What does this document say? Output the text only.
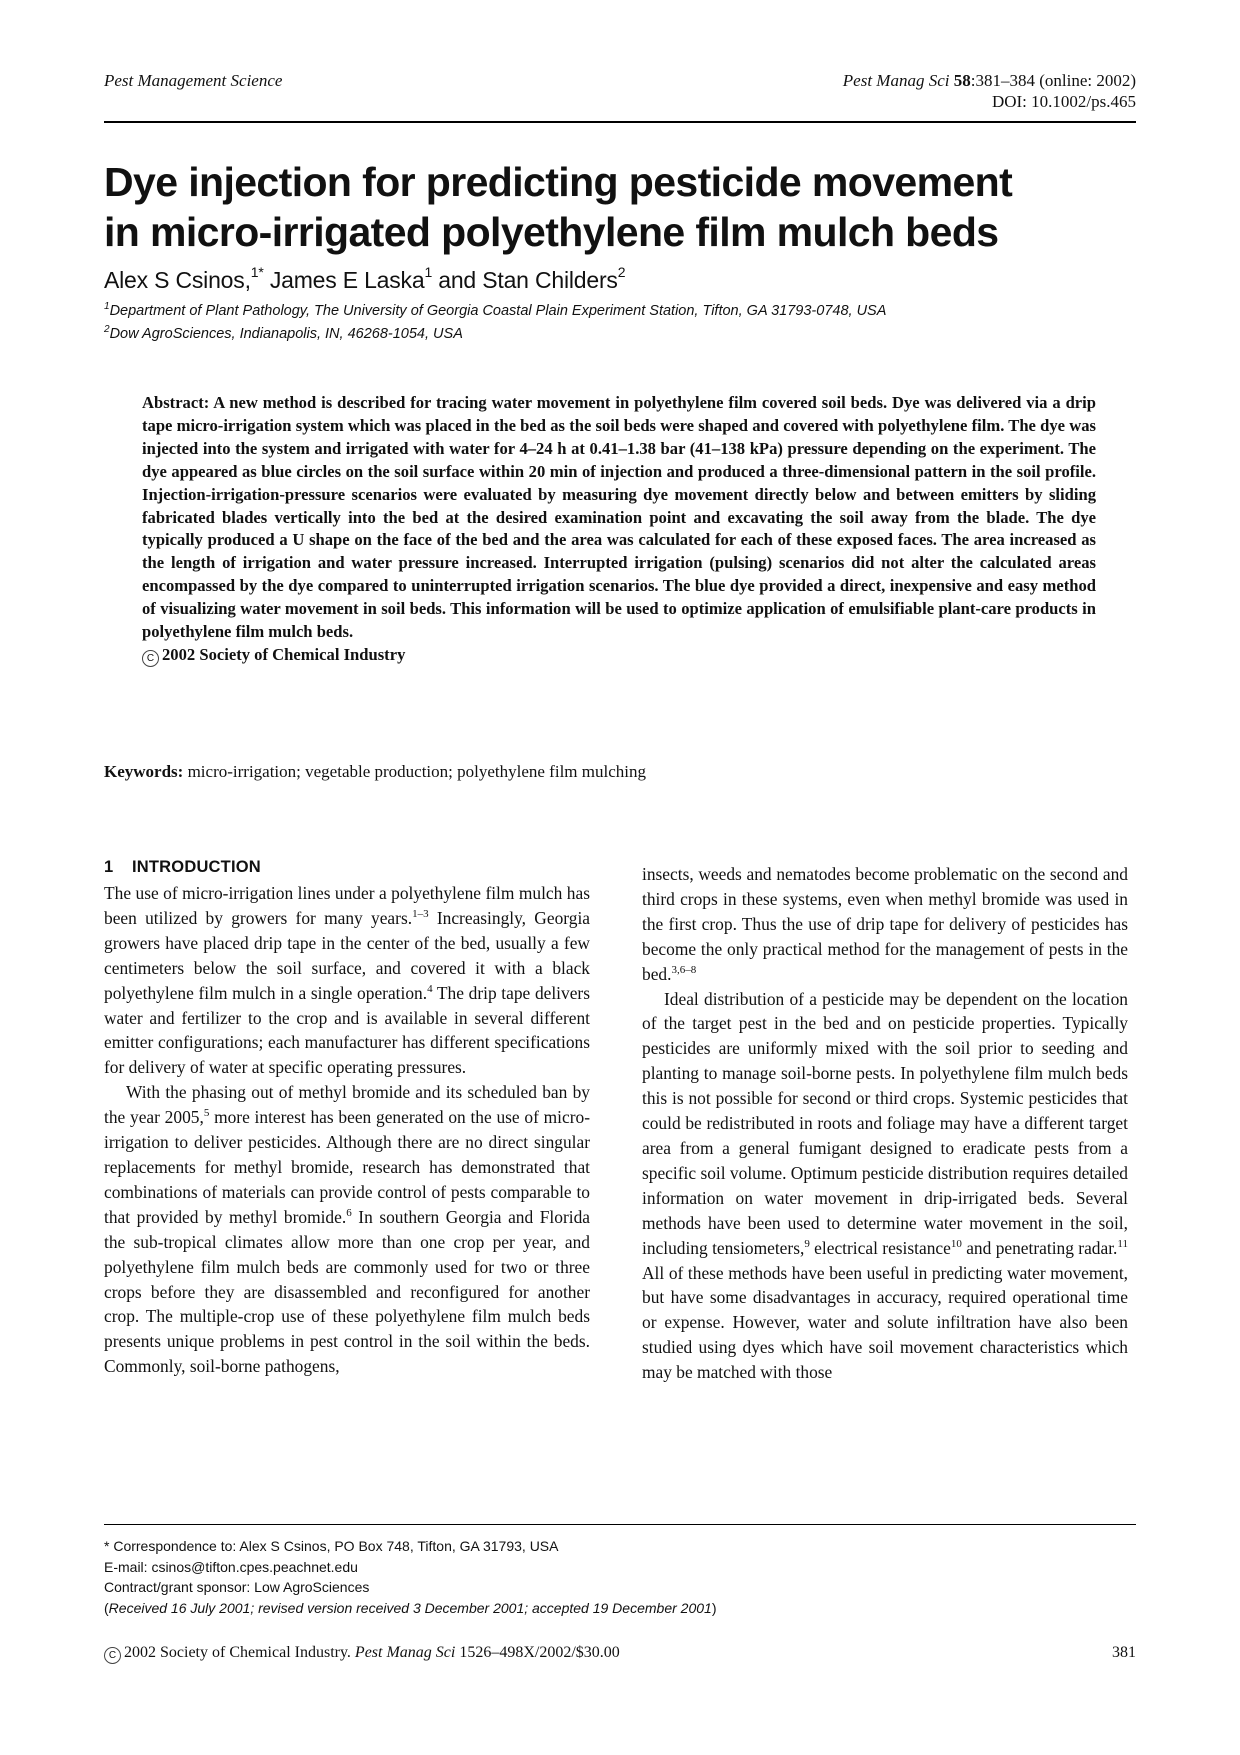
Pest Management Science	Pest Manag Sci 58:381–384 (online: 2002)
DOI: 10.1002/ps.465
Dye injection for predicting pesticide movement
in micro-irrigated polyethylene film mulch beds
Alex S Csinos,$^{1*}$ James E Laska$^1$ and Stan Childers$^2$
$^1$Department of Plant Pathology, The University of Georgia Coastal Plain Experiment Station, Tifton, GA 31793-0748, USA
$^2$Dow AgroSciences, Indianapolis, IN, 46268-1054, USA
Abstract: A new method is described for tracing water movement in polyethylene film covered soil beds. Dye was delivered via a drip tape micro-irrigation system which was placed in the bed as the soil beds were shaped and covered with polyethylene film. The dye was injected into the system and irrigated with water for 4–24 h at 0.41–1.38 bar (41–138 kPa) pressure depending on the experiment. The dye appeared as blue circles on the soil surface within 20 min of injection and produced a three-dimensional pattern in the soil profile. Injection-irrigation-pressure scenarios were evaluated by measuring dye movement directly below and between emitters by sliding fabricated blades vertically into the bed at the desired examination point and excavating the soil away from the blade. The dye typically produced a U shape on the face of the bed and the area was calculated for each of these exposed faces. The area increased as the length of irrigation and water pressure increased. Interrupted irrigation (pulsing) scenarios did not alter the calculated areas encompassed by the dye compared to uninterrupted irrigation scenarios. The blue dye provided a direct, inexpensive and easy method of visualizing water movement in soil beds. This information will be used to optimize application of emulsifiable plant-care products in polyethylene film mulch beds.
C 2002 Society of Chemical Industry
Keywords: micro-irrigation; vegetable production; polyethylene film mulching
1 INTRODUCTION

The use of micro-irrigation lines under a polyethylene film mulch has been utilized by growers for many years.$^{1-3}$ Increasingly, Georgia growers have placed drip tape in the center of the bed, usually a few centimeters below the soil surface, and covered it with a black polyethylene film mulch in a single operation.$^4$ The drip tape delivers water and fertilizer to the crop and is available in several different emitter configurations; each manufacturer has different specifications for delivery of water at specific operating pressures.

With the phasing out of methyl bromide and its scheduled ban by the year 2005,$^5$ more interest has been generated on the use of micro-irrigation to deliver pesticides. Although there are no direct singular replacements for methyl bromide, research has demonstrated that combinations of materials can provide control of pests comparable to that provided by methyl bromide.$^6$ In southern Georgia and Florida the sub-tropical climates allow more than one crop per year, and polyethylene film mulch beds are commonly used for two or three crops before they are disassembled and reconfigured for another crop. The multiple-crop use of these polyethylene film mulch beds presents unique problems in pest control in the soil within the beds. Commonly, soil-borne pathogens,

insects, weeds and nematodes become problematic on the second and third crops in these systems, even when methyl bromide was used in the first crop. Thus the use of drip tape for delivery of pesticides has become the only practical method for the management of pests in the bed.$^{3,6-8}$

Ideal distribution of a pesticide may be dependent on the location of the target pest in the bed and on pesticide properties. Typically pesticides are uniformly mixed with the soil prior to seeding and planting to manage soil-borne pests. In polyethylene film mulch beds this is not possible for second or third crops. Systemic pesticides that could be redistributed in roots and foliage may have a different target area from a general fumigant designed to eradicate pests from a specific soil volume. Optimum pesticide distribution requires detailed information on water movement in drip-irrigated beds. Several methods have been used to determine water movement in the soil, including tensiometers,$^9$ electrical resistance$^{10}$ and penetrating radar.$^{11}$ All of these methods have been useful in predicting water movement, but have some disadvantages in accuracy, required operational time or expense. However, water and solute infiltration have also been studied using dyes which have soil movement characteristics which may be matched with those

* Correspondence to: Alex S Csinos, PO Box 748, Tifton, GA 31793, USA
E-mail: csinos@tifton.cpes.peachnet.edu
Contract/grant sponsor: Low AgroSciences
(Received 16 July 2001; revised version received 3 December 2001; accepted 19 December 2001)
C 2002 Society of Chemical Industry. Pest Manag Sci 1526–498X/2002/$30.00	381
